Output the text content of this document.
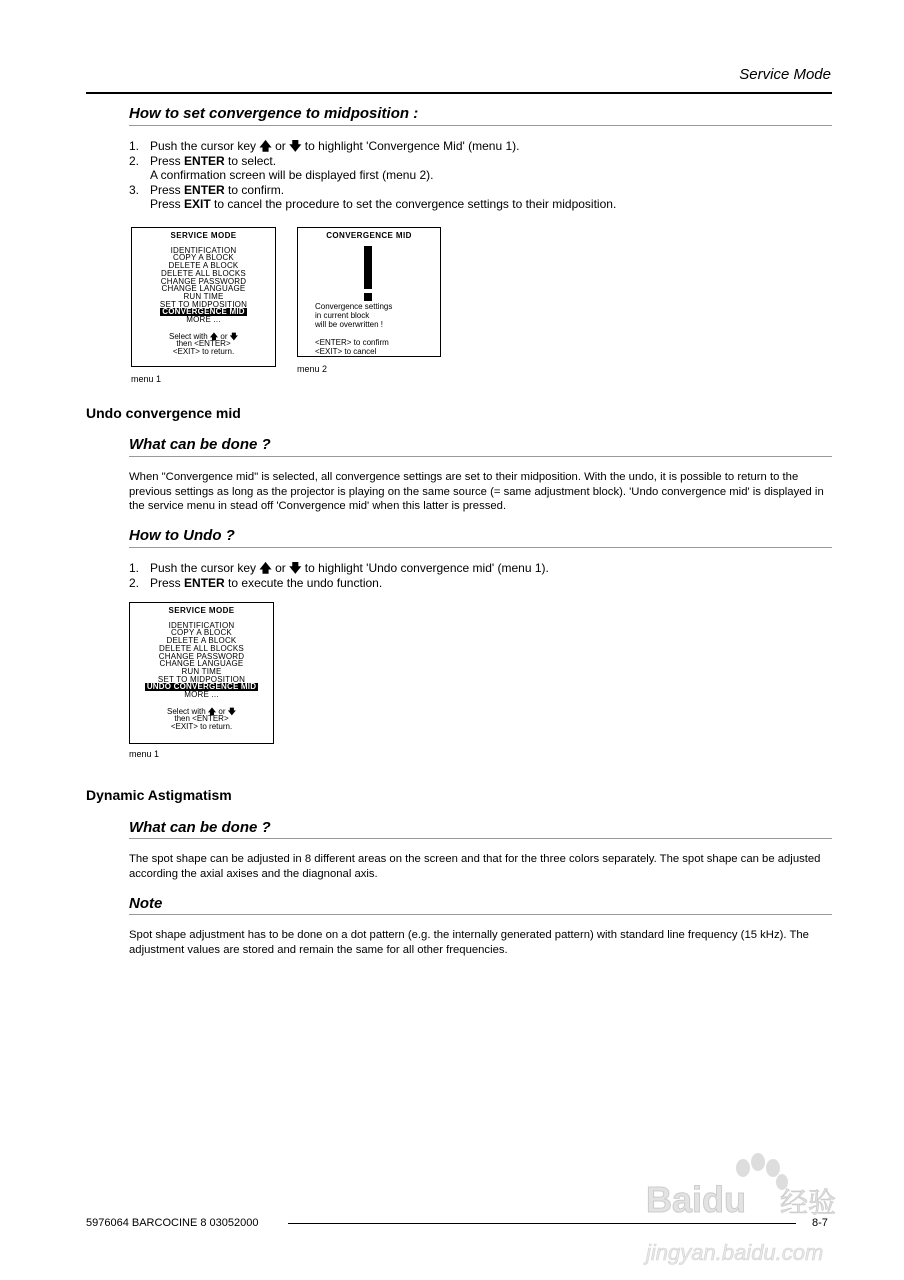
Service Mode
How to set convergence to midposition :
1. Push the cursor key 🡅 or 🡇 to highlight 'Convergence Mid' (menu 1).
2. Press ENTER to select.
A confirmation screen will be displayed first (menu 2).
3. Press ENTER to confirm.
Press EXIT to cancel the procedure to set the convergence settings to their midposition.
SERVICE MODE
IDENTIFICATION
COPY A BLOCK
DELETE A BLOCK
DELETE ALL BLOCKS
CHANGE PASSWORD
CHANGE LANGUAGE
RUN TIME
SET TO MIDPOSITION
CONVERGENCE MID
MORE ...
Select with 🡅 or 🡇
then <ENTER>
<EXIT> to return.
menu 1
CONVERGENCE MID
Convergence settings
in current block
will be overwritten !
<ENTER> to confirm
<EXIT> to cancel
menu 2
Undo convergence mid
What can be done ?
When "Convergence mid" is selected, all convergence settings are set to their midposition. With the undo, it is possible to return to the previous settings as long as the projector is playing on the same source (= same adjustment block). 'Undo convergence mid' is displayed in the service menu in stead off 'Convergence mid' when this latter is pressed.
How to Undo ?
1. Push the cursor key 🡅 or 🡇 to highlight 'Undo convergence mid' (menu 1).
2. Press ENTER to execute the undo function.
SERVICE MODE
IDENTIFICATION
COPY A BLOCK
DELETE A BLOCK
DELETE ALL BLOCKS
CHANGE PASSWORD
CHANGE LANGUAGE
RUN TIME
SET TO MIDPOSITION
UNDO CONVERGENCE MID
MORE ...
Select with 🡅 or 🡇
then <ENTER>
<EXIT> to return.
menu 1
Dynamic Astigmatism
What can be done ?
The spot shape can be adjusted in 8 different areas on the screen and that for the three colors separately. The spot shape can be adjusted according the axial axises and the diagnonal axis.
Note
Spot shape adjustment has to be done on a dot pattern (e.g. the internally generated pattern) with standard line frequency (15 kHz). The adjustment values are stored and remain the same for all other frequencies.
Baidu 经验
jingyan.baidu.com
5976064 BARCOCINE 8 03052000	8-7
